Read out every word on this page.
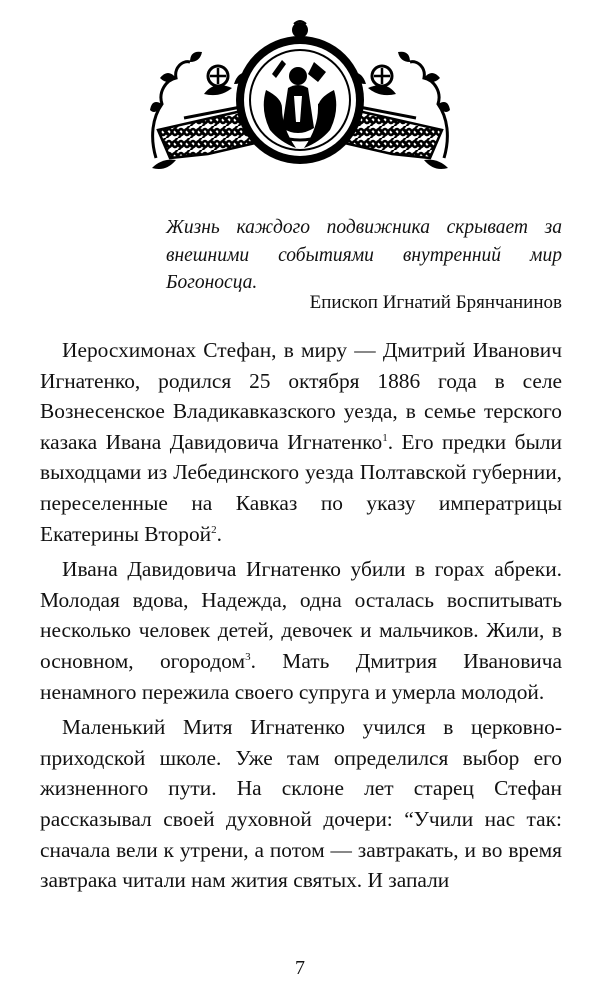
Жизнь каждого подвижника скрывает за внешними событиями внутренний мир Богоносца.

Епископ Игнатий Брянчанинов

Иеросхимонах Стефан, в миру — Дмитрий Иванович Игнатенко, родился 25 октября 1886 года в селе Вознесенское Владикавказского уезда, в семье терского казака Ивана Давидовича Игнатенко$^1$. Его предки были выходцами из Лебединского уезда Полтавской губернии, переселенные на Кавказ по указу императрицы Екатерины Второй$^2$.

Ивана Давидовича Игнатенко убили в горах абреки. Молодая вдова, Надежда, одна осталась воспитывать несколько человек детей, девочек и мальчиков. Жили, в основном, огородом$^3$. Мать Дмитрия Ивановича ненамного пережила своего супруга и умерла молодой.

Маленький Митя Игнатенко учился в церковно-приходской школе. Уже там определился выбор его жизненного пути. На склоне лет старец Стефан рассказывал своей духовной дочери: “Учили нас так: сначала вели к утрени, а потом — завтракать, и во время завтрака читали нам жития святых. И запали

7
